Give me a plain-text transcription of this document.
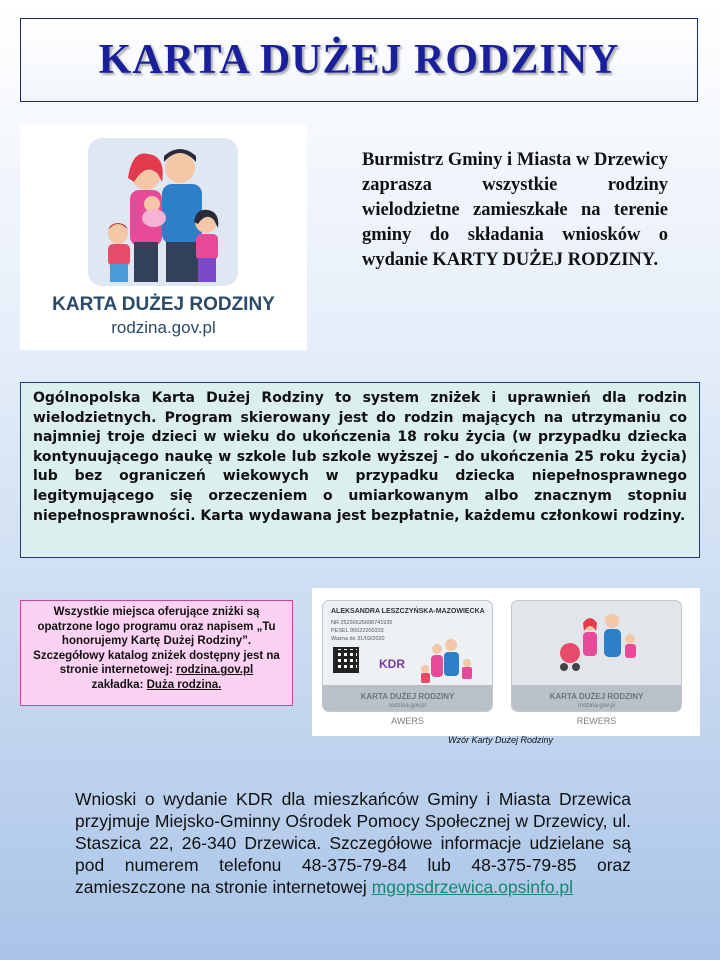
KARTA DUŻEJ RODZINY
KARTA DUŻEJ RODZINY
rodzina.gov.pl
Burmistrz Gminy i Miasta w Drzewicy zaprasza wszystkie rodziny wielodzietne zamieszkałe na terenie gminy do składania wniosków o wydanie KARTY DUŻEJ RODZINY.
Ogólnopolska Karta Dużej Rodziny to system zniżek i uprawnień dla rodzin wielodzietnych. Program skierowany jest do rodzin mających na utrzymaniu co najmniej troje dzieci w wieku do ukończenia 18 roku życia (w przypadku dziecka kontynuującego naukę w szkole lub szkole wyższej - do ukończenia 25 roku życia) lub bez ograniczeń wiekowych w przypadku dziecka niepełnosprawnego legitymującego się orzeczeniem o umiarkowanym albo znacznym stopniu niepełnosprawności. Karta wydawana jest bezpłatnie, każdemu członkowi rodziny.
Wszystkie miejsca oferujące zniżki są opatrzone logo programu oraz napisem „Tu honorujemy Kartę Dużej Rodziny”.
Szczegółowy katalog zniżek dostępny jest na stronie internetowej: rodzina.gov.pl
zakładka: Duża rodzina.
ALEKSANDRA LESZCZYŃSKA-MAZOWIECKA
NR 25236525698741935
PESEL 95022200333
Ważna do 31/03/2020
KDR
KARTA DUŻEJ RODZINY
rodzina.gov.pl
AWERS
KARTA DUŻEJ RODZINY
rodzina.gov.pl
REWERS
Wzór Karty Dużej Rodziny
Wnioski o wydanie KDR dla mieszkańców Gminy i Miasta Drzewica przyjmuje Miejsko-Gminny Ośrodek Pomocy Społecznej w Drzewicy, ul. Staszica 22, 26-340 Drzewica. Szczegółowe informacje udzielane są pod numerem telefonu 48-375-79-84 lub 48-375-79-85 oraz zamieszczone na stronie internetowej mgopsdrzewica.opsinfo.pl
